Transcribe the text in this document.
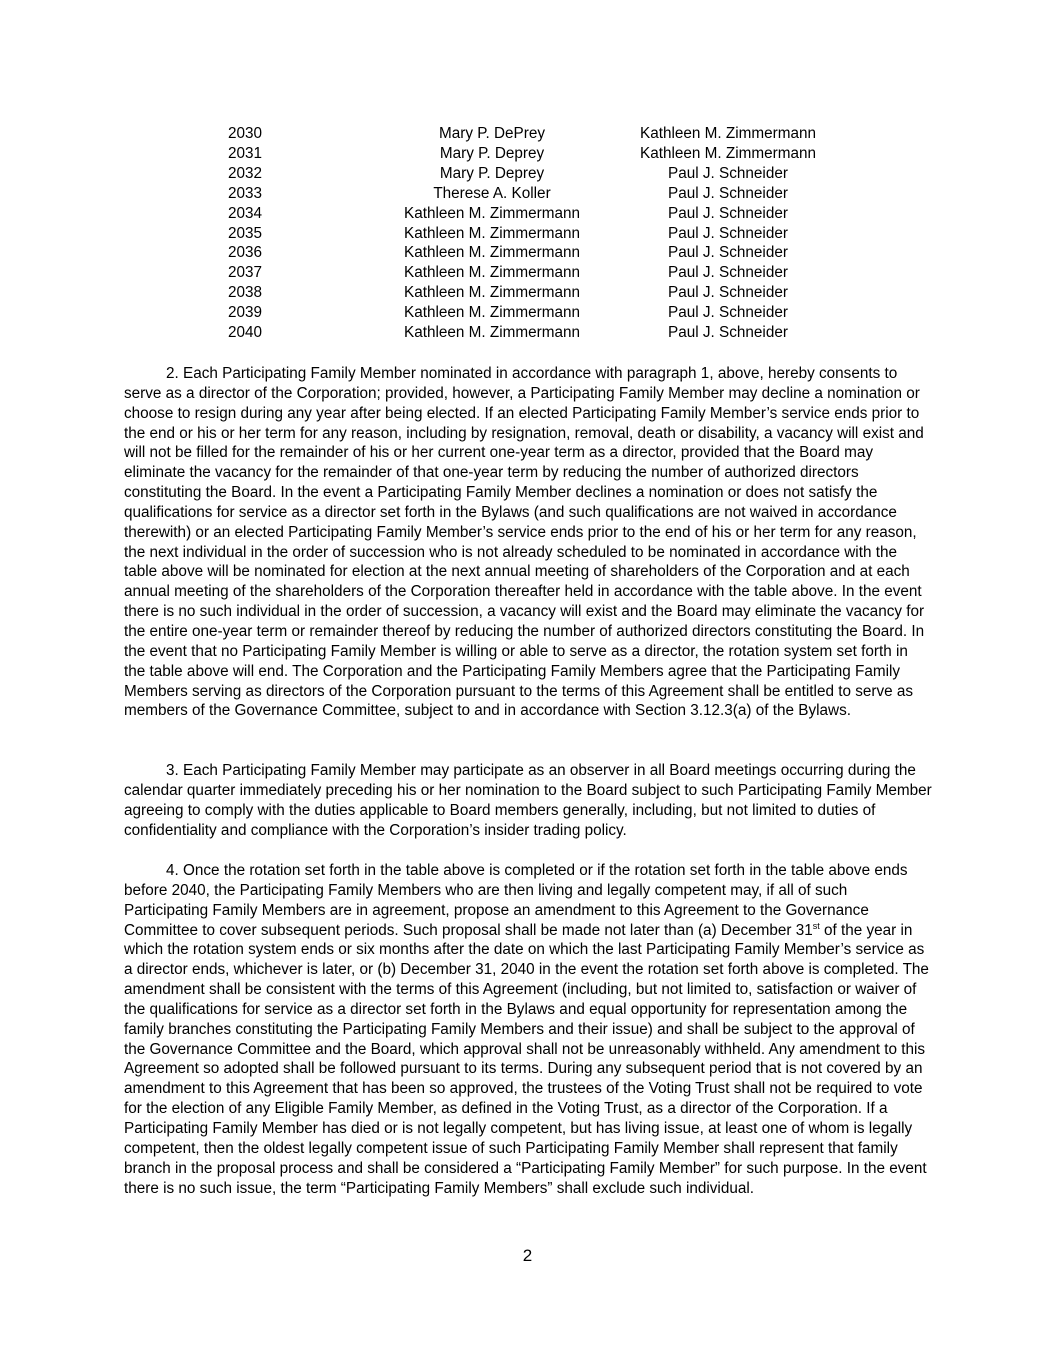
2030	Mary P. DePrey	Kathleen M. Zimmermann
2031	Mary P. Deprey	Kathleen M. Zimmermann
2032	Mary P. Deprey	Paul J. Schneider
2033	Therese A. Koller	Paul J. Schneider
2034	Kathleen M. Zimmermann	Paul J. Schneider
2035	Kathleen M. Zimmermann	Paul J. Schneider
2036	Kathleen M. Zimmermann	Paul J. Schneider
2037	Kathleen M. Zimmermann	Paul J. Schneider
2038	Kathleen M. Zimmermann	Paul J. Schneider
2039	Kathleen M. Zimmermann	Paul J. Schneider
2040	Kathleen M. Zimmermann	Paul J. Schneider

2. Each Participating Family Member nominated in accordance with paragraph 1, above, hereby consents to serve as a director of the Corporation; provided, however, a Participating Family Member may decline a nomination or choose to resign during any year after being elected. If an elected Participating Family Member’s service ends prior to the end or his or her term for any reason, including by resignation, removal, death or disability, a vacancy will exist and will not be filled for the remainder of his or her current one-year term as a director, provided that the Board may eliminate the vacancy for the remainder of that one-year term by reducing the number of authorized directors constituting the Board. In the event a Participating Family Member declines a nomination or does not satisfy the qualifications for service as a director set forth in the Bylaws (and such qualifications are not waived in accordance therewith) or an elected Participating Family Member’s service ends prior to the end of his or her term for any reason, the next individual in the order of succession who is not already scheduled to be nominated in accordance with the table above will be nominated for election at the next annual meeting of shareholders of the Corporation and at each annual meeting of the shareholders of the Corporation thereafter held in accordance with the table above. In the event there is no such individual in the order of succession, a vacancy will exist and the Board may eliminate the vacancy for the entire one-year term or remainder thereof by reducing the number of authorized directors constituting the Board. In the event that no Participating Family Member is willing or able to serve as a director, the rotation system set forth in the table above will end. The Corporation and the Participating Family Members agree that the Participating Family Members serving as directors of the Corporation pursuant to the terms of this Agreement shall be entitled to serve as members of the Governance Committee, subject to and in accordance with Section 3.12.3(a) of the Bylaws.

3. Each Participating Family Member may participate as an observer in all Board meetings occurring during the calendar quarter immediately preceding his or her nomination to the Board subject to such Participating Family Member agreeing to comply with the duties applicable to Board members generally, including, but not limited to duties of confidentiality and compliance with the Corporation’s insider trading policy.

4. Once the rotation set forth in the table above is completed or if the rotation set forth in the table above ends before 2040, the Participating Family Members who are then living and legally competent may, if all of such Participating Family Members are in agreement, propose an amendment to this Agreement to the Governance Committee to cover subsequent periods. Such proposal shall be made not later than (a) December 31st of the year in which the rotation system ends or six months after the date on which the last Participating Family Member’s service as a director ends, whichever is later, or (b) December 31, 2040 in the event the rotation set forth above is completed. The amendment shall be consistent with the terms of this Agreement (including, but not limited to, satisfaction or waiver of the qualifications for service as a director set forth in the Bylaws and equal opportunity for representation among the family branches constituting the Participating Family Members and their issue) and shall be subject to the approval of the Governance Committee and the Board, which approval shall not be unreasonably withheld. Any amendment to this Agreement so adopted shall be followed pursuant to its terms. During any subsequent period that is not covered by an amendment to this Agreement that has been so approved, the trustees of the Voting Trust shall not be required to vote for the election of any Eligible Family Member, as defined in the Voting Trust, as a director of the Corporation. If a Participating Family Member has died or is not legally competent, but has living issue, at least one of whom is legally competent, then the oldest legally competent issue of such Participating Family Member shall represent that family branch in the proposal process and shall be considered a “Participating Family Member” for such purpose. In the event there is no such issue, the term “Participating Family Members” shall exclude such individual.

2
